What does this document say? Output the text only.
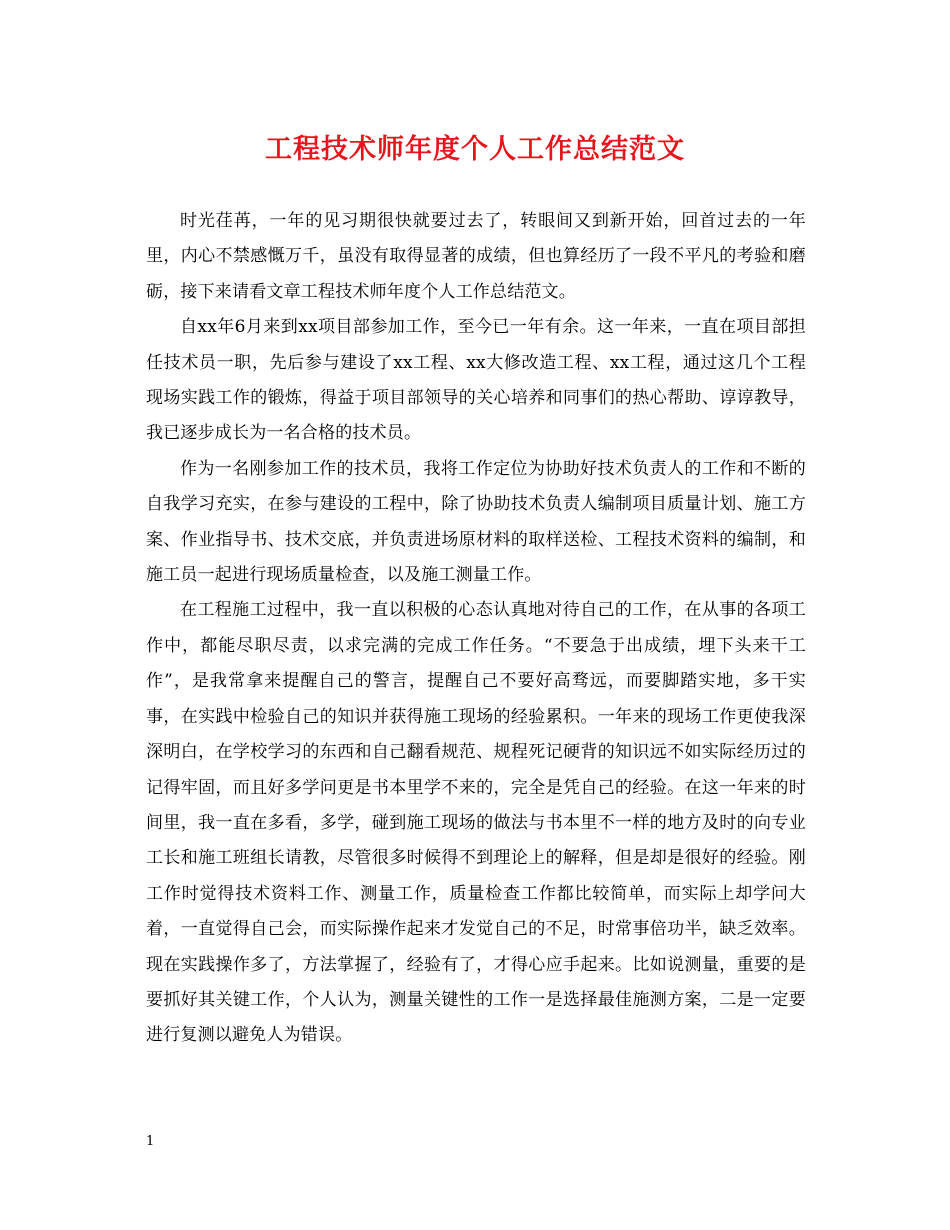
工程技术师年度个人工作总结范文

时光荏苒，一年的见习期很快就要过去了，转眼间又到新开始，回首过去的一年里，内心不禁感慨万千，虽没有取得显著的成绩，但也算经历了一段不平凡的考验和磨砺，接下来请看文章工程技术师年度个人工作总结范文。

自xx年6月来到xx项目部参加工作，至今已一年有余。这一年来，一直在项目部担任技术员一职，先后参与建设了xx工程、xx大修改造工程、xx工程，通过这几个工程现场实践工作的锻炼，得益于项目部领导的关心培养和同事们的热心帮助、谆谆教导，我已逐步成长为一名合格的技术员。

作为一名刚参加工作的技术员，我将工作定位为协助好技术负责人的工作和不断的自我学习充实，在参与建设的工程中，除了协助技术负责人编制项目质量计划、施工方案、作业指导书、技术交底，并负责进场原材料的取样送检、工程技术资料的编制，和施工员一起进行现场质量检查，以及施工测量工作。

在工程施工过程中，我一直以积极的心态认真地对待自己的工作，在从事的各项工作中，都能尽职尽责，以求完满的完成工作任务。“不要急于出成绩，埋下头来干工作”，是我常拿来提醒自己的警言，提醒自己不要好高骛远，而要脚踏实地，多干实事，在实践中检验自己的知识并获得施工现场的经验累积。一年来的现场工作更使我深深明白，在学校学习的东西和自己翻看规范、规程死记硬背的知识远不如实际经历过的记得牢固，而且好多学问更是书本里学不来的，完全是凭自己的经验。在这一年来的时间里，我一直在多看，多学，碰到施工现场的做法与书本里不一样的地方及时的向专业工长和施工班组长请教，尽管很多时候得不到理论上的解释，但是却是很好的经验。刚工作时觉得技术资料工作、测量工作，质量检查工作都比较简单，而实际上却学问大着，一直觉得自己会，而实际操作起来才发觉自己的不足，时常事倍功半，缺乏效率。现在实践操作多了，方法掌握了，经验有了，才得心应手起来。比如说测量，重要的是要抓好其关键工作，个人认为，测量关键性的工作一是选择最佳施测方案，二是一定要进行复测以避免人为错误。

1
